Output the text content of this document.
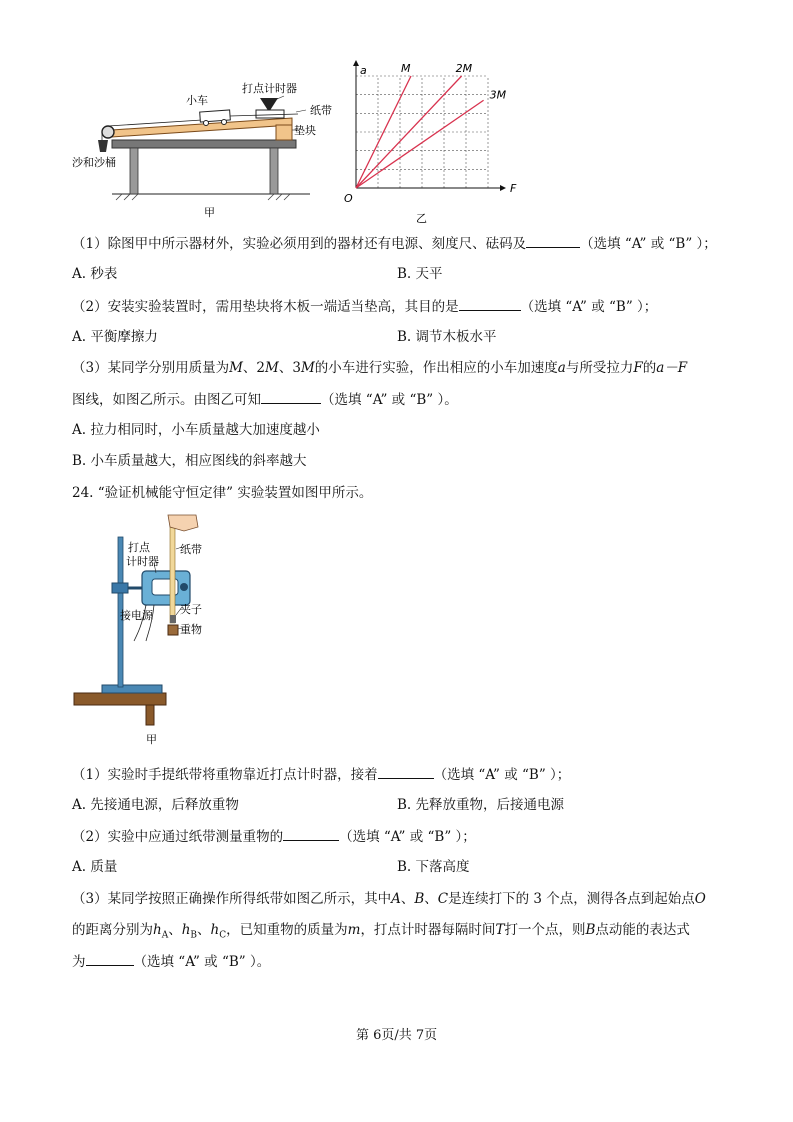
小车
打点计时器
纸带
垫块
沙和沙桶
甲
M	2M
3M
a
F
O
乙
（1）除图甲中所示器材外，实验必须用到的器材还有电源、刻度尺、砝码及	（选填 “A” 或 “B” ）；
A. 秒表	B. 天平
（2）安装实验装置时，需用垫块将木板一端适当垫高，其目的是	（选填 “A” 或 “B” ）；
A. 平衡摩擦力	B. 调节木板水平
（3）某同学分别用质量为M、2M、3M的小车进行实验，作出相应的小车加速度a与所受拉力F的a－F
图线，如图乙所示。由图乙可知	（选填 “A” 或 “B” ）。
A. 拉力相同时，小车质量越大加速度越小
B. 小车质量越大，相应图线的斜率越大
24. “验证机械能守恒定律” 实验装置如图甲所示。
打点
计时器
纸带
接电源 夹子
重物
甲
（1）实验时手提纸带将重物靠近打点计时器，接着	（选填 “A” 或 “B” ）；
A. 先接通电源，后释放重物	B. 先释放重物，后接通电源
（2）实验中应通过纸带测量重物的	（选填 “A” 或 “B” ）；
A. 质量	B. 下落高度
（3）某同学按照正确操作所得纸带如图乙所示，其中A、B、C是连续打下的 3 个点，测得各点到起始点O
的距离分别为$h_A$、$h_B$、$h_C$，已知重物的质量为m，打点计时器每隔时间T打一个点，则B点动能的表达式
为	（选填 “A” 或 “B” ）。
第 6页/共 7页
